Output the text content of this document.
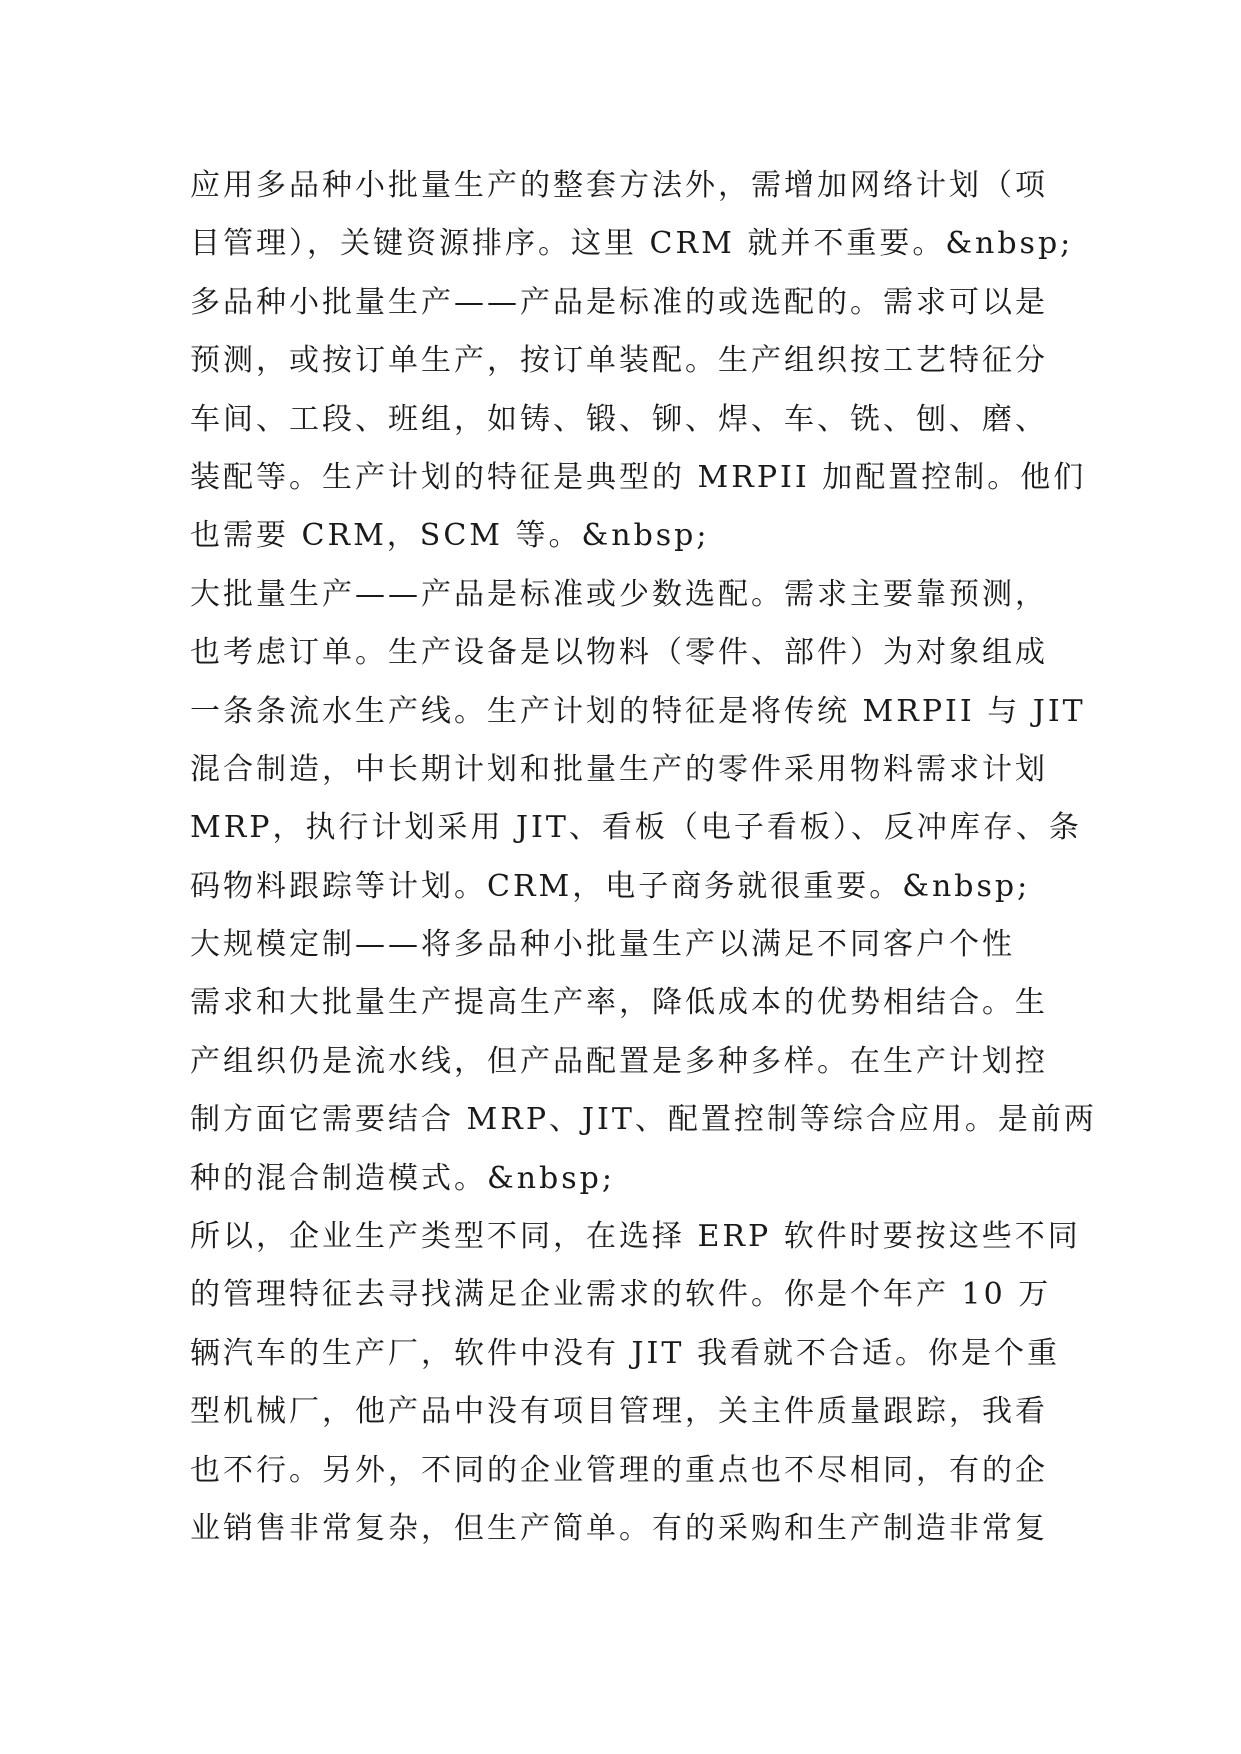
应用多品种小批量生产的整套方法外，需增加网络计划（项
目管理），关键资源排序。这里 CRM 就并不重要。&nbsp;
多品种小批量生产——产品是标准的或选配的。需求可以是
预测，或按订单生产，按订单装配。生产组织按工艺特征分
车间、工段、班组，如铸、锻、铆、焊、车、铣、刨、磨、
装配等。生产计划的特征是典型的 MRPII 加配置控制。他们
也需要 CRM，SCM 等。&nbsp;
大批量生产——产品是标准或少数选配。需求主要靠预测，
也考虑订单。生产设备是以物料（零件、部件）为对象组成
一条条流水生产线。生产计划的特征是将传统 MRPII 与 JIT
混合制造，中长期计划和批量生产的零件采用物料需求计划
MRP，执行计划采用 JIT、看板（电子看板）、反冲库存、条
码物料跟踪等计划。CRM，电子商务就很重要。&nbsp;
大规模定制——将多品种小批量生产以满足不同客户个性
需求和大批量生产提高生产率，降低成本的优势相结合。生
产组织仍是流水线，但产品配置是多种多样。在生产计划控
制方面它需要结合 MRP、JIT、配置控制等综合应用。是前两
种的混合制造模式。&nbsp;
所以，企业生产类型不同，在选择 ERP 软件时要按这些不同
的管理特征去寻找满足企业需求的软件。你是个年产 10 万
辆汽车的生产厂，软件中没有 JIT 我看就不合适。你是个重
型机械厂，他产品中没有项目管理，关主件质量跟踪，我看
也不行。另外，不同的企业管理的重点也不尽相同，有的企
业销售非常复杂，但生产简单。有的采购和生产制造非常复
